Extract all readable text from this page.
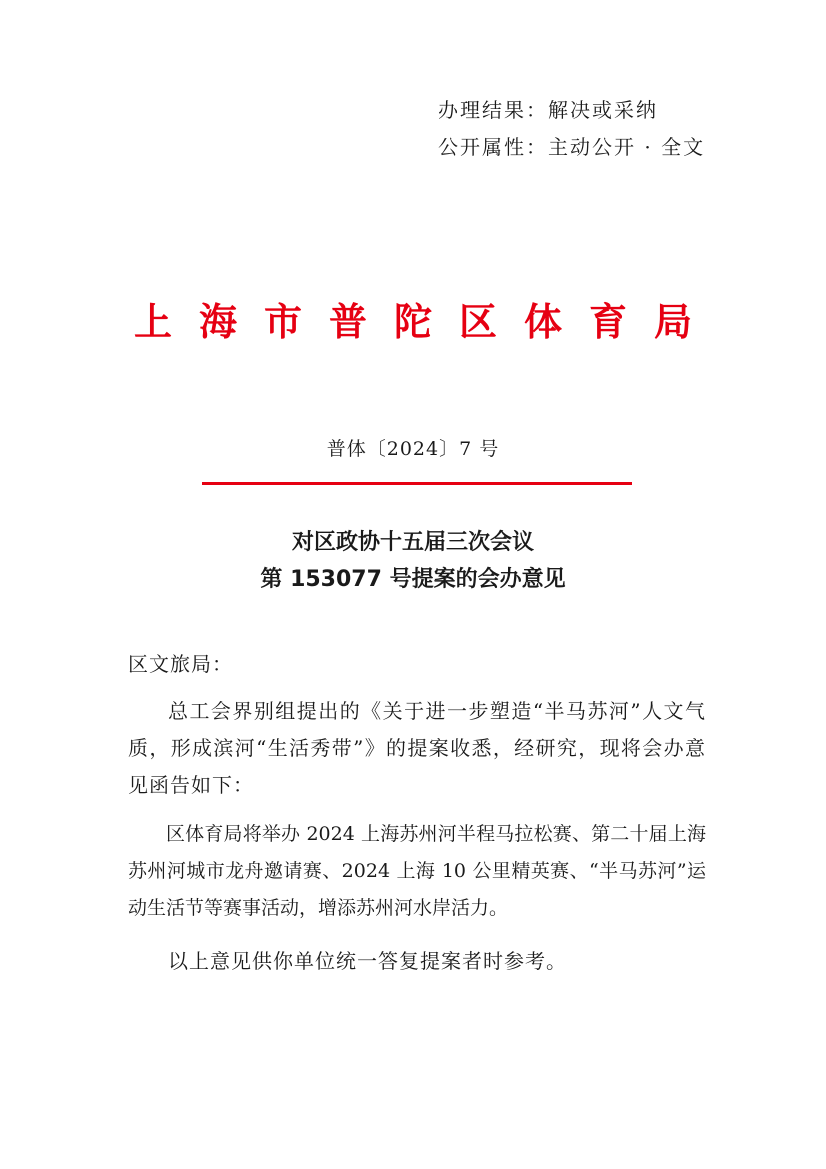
办理结果：解决或采纳
公开属性：主动公开 · 全文
上海市普陀区体育局
普体〔2024〕7 号
对区政协十五届三次会议
第 153077 号提案的会办意见
区文旅局：

总工会界别组提出的《关于进一步塑造“半马苏河”人文气质，形成滨河“生活秀带”》的提案收悉，经研究，现将会办意见函告如下：

区体育局将举办 2024 上海苏州河半程马拉松赛、第二十届上海苏州河城市龙舟邀请赛、2024 上海 10 公里精英赛、“半马苏河”运动生活节等赛事活动，增添苏州河水岸活力。

以上意见供你单位统一答复提案者时参考。
